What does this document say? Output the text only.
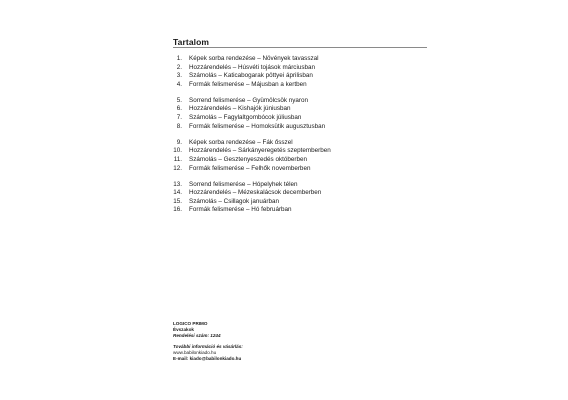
Tartalom
1. Képek sorba rendezése – Növények tavasszal
2. Hozzárendelés – Húsvéti tojások márciusban
3. Számolás – Katicabogarak pöttyei áprilisban
4. Formák felismerése – Májusban a kertben
5. Sorrend felismerése – Gyümölcsök nyaron
6. Hozzárendelés – Kishajók júniusban
7. Számolás – Fagylaltgombócok júliusban
8. Formák felismerése – Homoksütik augusztusban
9. Képek sorba rendezése – Fák ősszel
10. Hozzárendelés – Sárkányeregetés szeptemberben
11. Számolás – Gesztenyeszedés októberben
12. Formák felismerése – Felhők novemberben
13. Sorrend felismerése – Hópelyhek télen
14. Hozzárendelés – Mézeskalácsok decemberben
15. Számolás – Csillagok januárban
16. Formák felismerése – Hó februárban
LOGICO PRIMO
Évszakok
Rendelési szám: 1244
További információ és vásárlás:
www.babilonkiado.hu
E-mail: kiado@babilonkiado.hu
